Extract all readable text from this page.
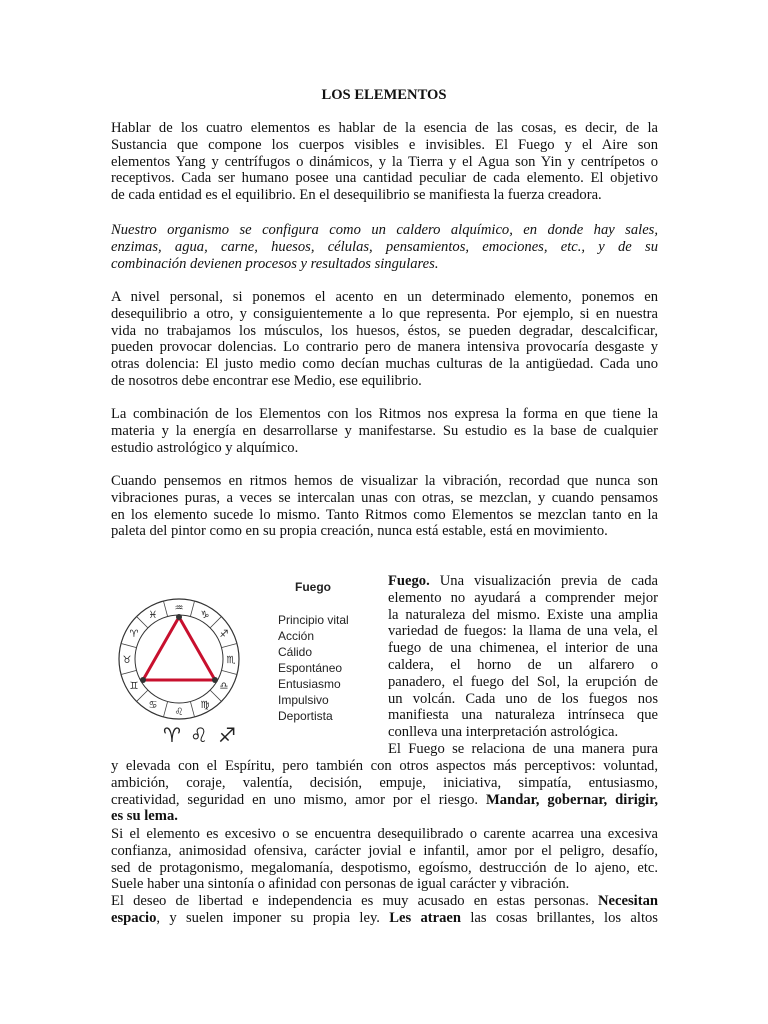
LOS ELEMENTOS

Hablar de los cuatro elementos es hablar de la esencia de las cosas, es decir, de la
Sustancia que compone los cuerpos visibles e invisibles. El Fuego y el Aire son
elementos Yang y centrífugos o dinámicos, y la Tierra y el Agua son Yin y centrípetos o
receptivos. Cada ser humano posee una cantidad peculiar de cada elemento. El objetivo
de cada entidad es el equilibrio. En el desequilibrio se manifiesta la fuerza creadora.

Nuestro organismo se configura como un caldero alquímico, en donde hay sales,
enzimas, agua, carne, huesos, células, pensamientos, emociones, etc., y de su
combinación devienen procesos y resultados singulares.

A nivel personal, si ponemos el acento en un determinado elemento, ponemos en
desequilibrio a otro, y consiguientemente a lo que representa. Por ejemplo, si en nuestra
vida no trabajamos los músculos, los huesos, éstos, se pueden degradar, descalcificar,
pueden provocar dolencias. Lo contrario pero de manera intensiva provocaría desgaste y
otras dolencia: El justo medio como decían muchas culturas de la antigüedad. Cada uno
de nosotros debe encontrar ese Medio, ese equilibrio.

La combinación de los Elementos con los Ritmos nos expresa la forma en que tiene la
materia y la energía en desarrollarse y manifestarse. Su estudio es la base de cualquier
estudio astrológico y alquímico.

Cuando pensemos en ritmos hemos de visualizar la vibración, recordad que nunca son
vibraciones puras, a veces se intercalan unas con otras, se mezclan, y cuando pensamos
en los elemento sucede lo mismo. Tanto Ritmos como Elementos se mezclan tanto en la
paleta del pintor como en su propia creación, nunca está estable, está en movimiento.

♑
♐
♏
♎
♍
♌
♋
♊
♉
♈
♓
♒
Fuego
Principio vital
Acción
Cálido
Espontáneo
Entusiasmo
Impulsivo
Deportista
♈ ♌ ♐

Fuego. Una visualización previa de cada
elemento no ayudará a comprender mejor
la naturaleza del mismo. Existe una amplia
variedad de fuegos: la llama de una vela, el
fuego de una chimenea, el interior de una
caldera, el horno de un alfarero o
panadero, el fuego del Sol, la erupción de
un volcán. Cada uno de los fuegos nos
manifiesta una naturaleza intrínseca que
conlleva una interpretación astrológica.
El Fuego se relaciona de una manera pura

y elevada con el Espíritu, pero también con otros aspectos más perceptivos: voluntad,
ambición, coraje, valentía, decisión, empuje, iniciativa, simpatía, entusiasmo,
creatividad, seguridad en uno mismo, amor por el riesgo. Mandar, gobernar, dirigir,
es su lema.

Si el elemento es excesivo o se encuentra desequilibrado o carente acarrea una excesiva
confianza, animosidad ofensiva, carácter jovial e infantil, amor por el peligro, desafío,
sed de protagonismo, megalomanía, despotismo, egoísmo, destrucción de lo ajeno, etc.
Suele haber una sintonía o afinidad con personas de igual carácter y vibración.

El deseo de libertad e independencia es muy acusado en estas personas. Necesitan
espacio, y suelen imponer su propia ley. Les atraen las cosas brillantes, los altos
